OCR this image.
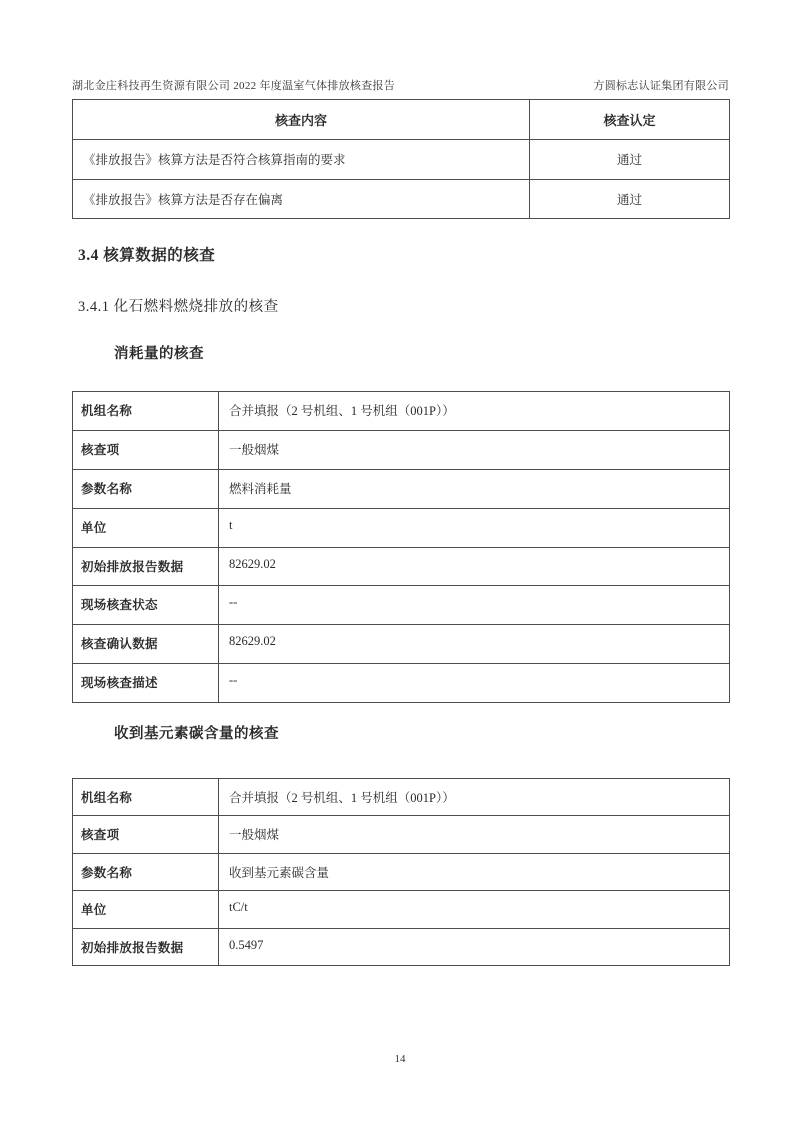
湖北金庄科技再生资源有限公司 2022 年度温室气体排放核查报告	方圆标志认证集团有限公司
核查内容	核查认定
《排放报告》核算方法是否符合核算指南的要求	通过
《排放报告》核算方法是否存在偏离	通过
3.4 核算数据的核查
3.4.1 化石燃料燃烧排放的核查
消耗量的核查
机组名称	合并填报（2 号机组、1 号机组（001P））
核查项	一般烟煤
参数名称	燃料消耗量
单位	t
初始排放报告数据	82629.02
现场核查状态	--
核查确认数据	82629.02
现场核查描述	--
收到基元素碳含量的核查
机组名称	合并填报（2 号机组、1 号机组（001P））
核查项	一般烟煤
参数名称	收到基元素碳含量
单位	tC/t
初始排放报告数据	0.5497
14
